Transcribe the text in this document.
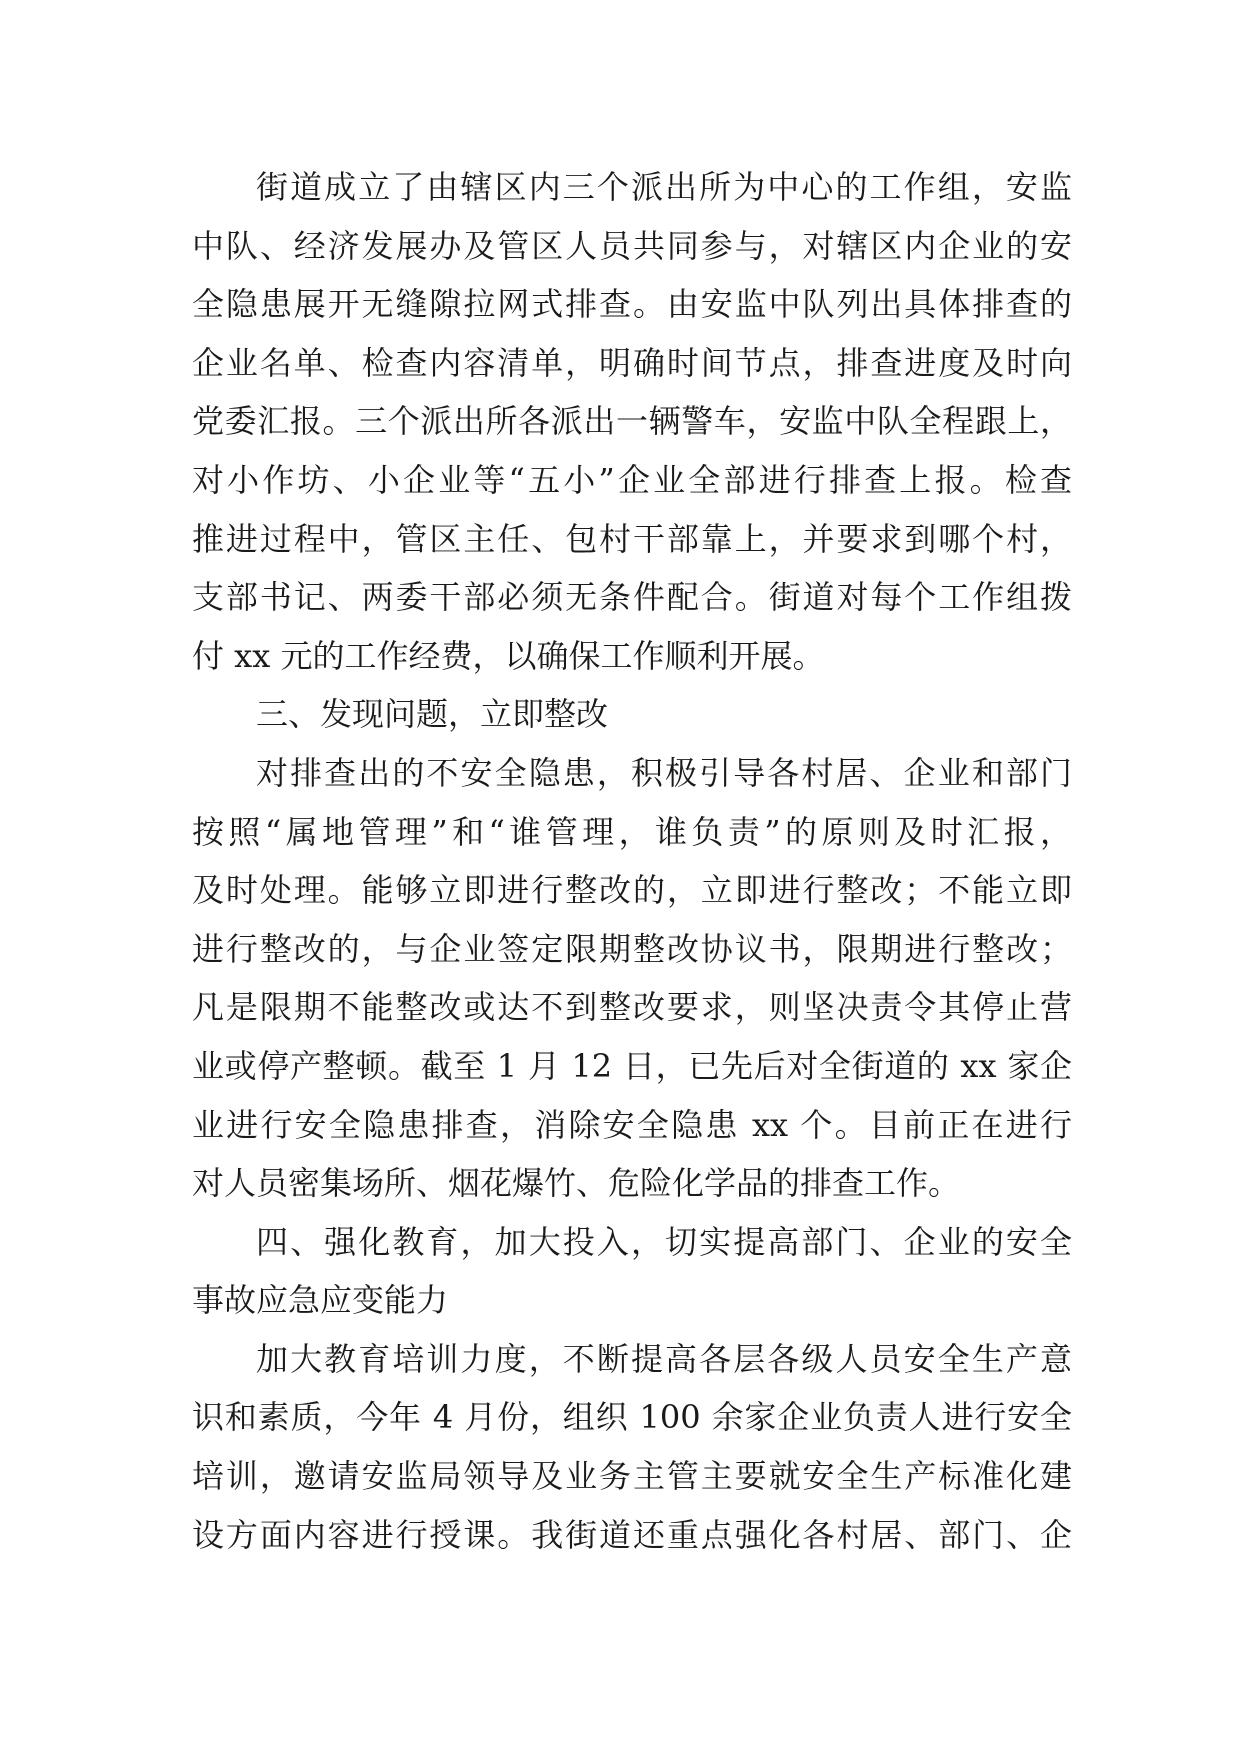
街道成立了由辖区内三个派出所为中心的工作组，安监
中队、经济发展办及管区人员共同参与，对辖区内企业的安
全隐患展开无缝隙拉网式排查。由安监中队列出具体排查的
企业名单、检查内容清单，明确时间节点，排查进度及时向
党委汇报。三个派出所各派出一辆警车，安监中队全程跟上，
对小作坊、小企业等“五小”企业全部进行排查上报。检查
推进过程中，管区主任、包村干部靠上，并要求到哪个村，
支部书记、两委干部必须无条件配合。街道对每个工作组拨
付 xx 元的工作经费，以确保工作顺利开展。
三、发现问题，立即整改
对排查出的不安全隐患，积极引导各村居、企业和部门
按照“属地管理”和“谁管理，谁负责”的原则及时汇报，
及时处理。能够立即进行整改的，立即进行整改；不能立即
进行整改的，与企业签定限期整改协议书，限期进行整改；
凡是限期不能整改或达不到整改要求，则坚决责令其停止营
业或停产整顿。截至 1 月 12 日，已先后对全街道的 xx 家企
业进行安全隐患排查，消除安全隐患 xx 个。目前正在进行
对人员密集场所、烟花爆竹、危险化学品的排查工作。
四、强化教育，加大投入，切实提高部门、企业的安全
事故应急应变能力
加大教育培训力度，不断提高各层各级人员安全生产意
识和素质，今年 4 月份，组织 100 余家企业负责人进行安全
培训，邀请安监局领导及业务主管主要就安全生产标准化建
设方面内容进行授课。我街道还重点强化各村居、部门、企
